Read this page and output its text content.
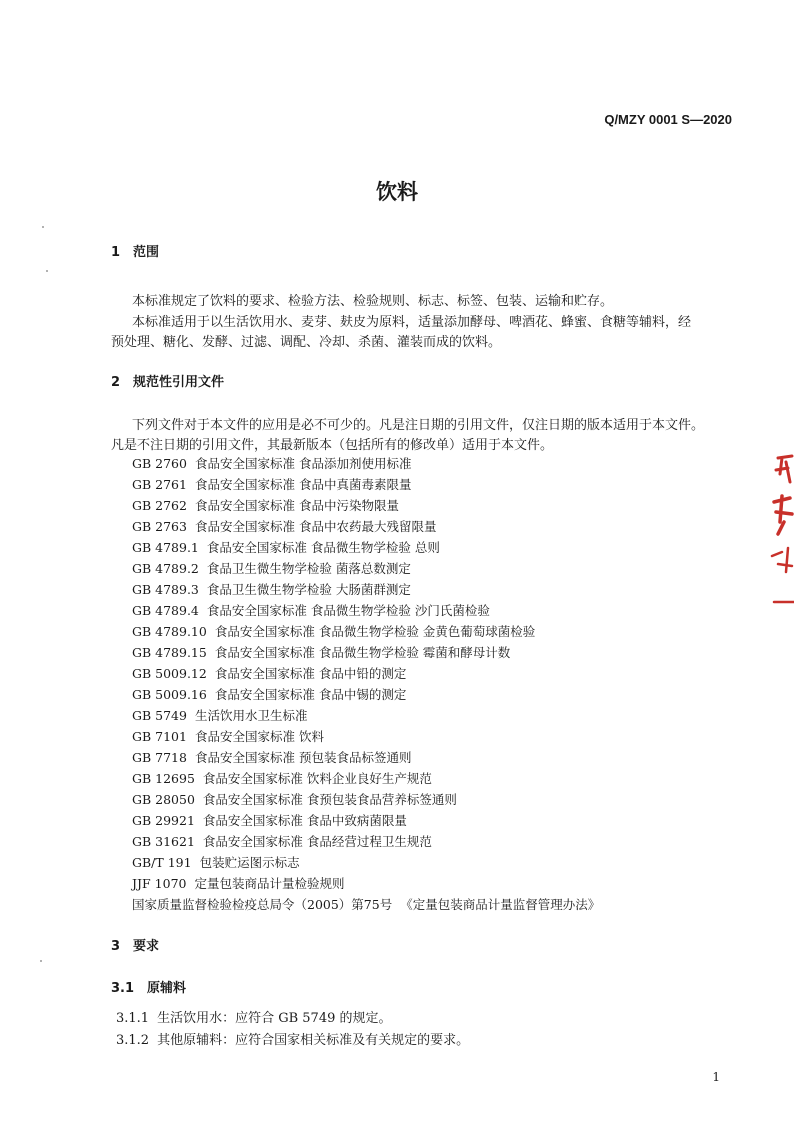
Q/MZY 0001 S—2020
饮料
1　范围
本标准规定了饮料的要求、检验方法、检验规则、标志、标签、包装、运输和贮存。
本标准适用于以生活饮用水、麦芽、麸皮为原料，适量添加酵母、啤酒花、蜂蜜、食糖等辅料，经
预处理、糖化、发酵、过滤、调配、冷却、杀菌、灌装而成的饮料。
2　规范性引用文件
下列文件对于本文件的应用是必不可少的。凡是注日期的引用文件，仅注日期的版本适用于本文件。
凡是不注日期的引用文件，其最新版本（包括所有的修改单）适用于本文件。
GB 2760 食品安全国家标准 食品添加剂使用标准
GB 2761 食品安全国家标准 食品中真菌毒素限量
GB 2762 食品安全国家标准 食品中污染物限量
GB 2763 食品安全国家标准 食品中农药最大残留限量
GB 4789.1 食品安全国家标准 食品微生物学检验 总则
GB 4789.2 食品卫生微生物学检验 菌落总数测定
GB 4789.3 食品卫生微生物学检验 大肠菌群测定
GB 4789.4 食品安全国家标准 食品微生物学检验 沙门氏菌检验
GB 4789.10 食品安全国家标准 食品微生物学检验 金黄色葡萄球菌检验
GB 4789.15 食品安全国家标准 食品微生物学检验 霉菌和酵母计数
GB 5009.12 食品安全国家标准 食品中铅的测定
GB 5009.16 食品安全国家标准 食品中锡的测定
GB 5749 生活饮用水卫生标准
GB 7101 食品安全国家标准 饮料
GB 7718 食品安全国家标准 预包装食品标签通则
GB 12695 食品安全国家标准 饮料企业良好生产规范
GB 28050 食品安全国家标准 食预包装食品营养标签通则
GB 29921 食品安全国家标准 食品中致病菌限量
GB 31621 食品安全国家标准 食品经营过程卫生规范
GB/T 191 包装贮运图示标志
JJF 1070 定量包装商品计量检验规则
国家质量监督检验检疫总局令（2005）第75号 《定量包装商品计量监督管理办法》
3　要求
3.1　原辅料
3.1.1 生活饮用水：应符合 GB 5749 的规定。
3.1.2 其他原辅料：应符合国家相关标准及有关规定的要求。
1
